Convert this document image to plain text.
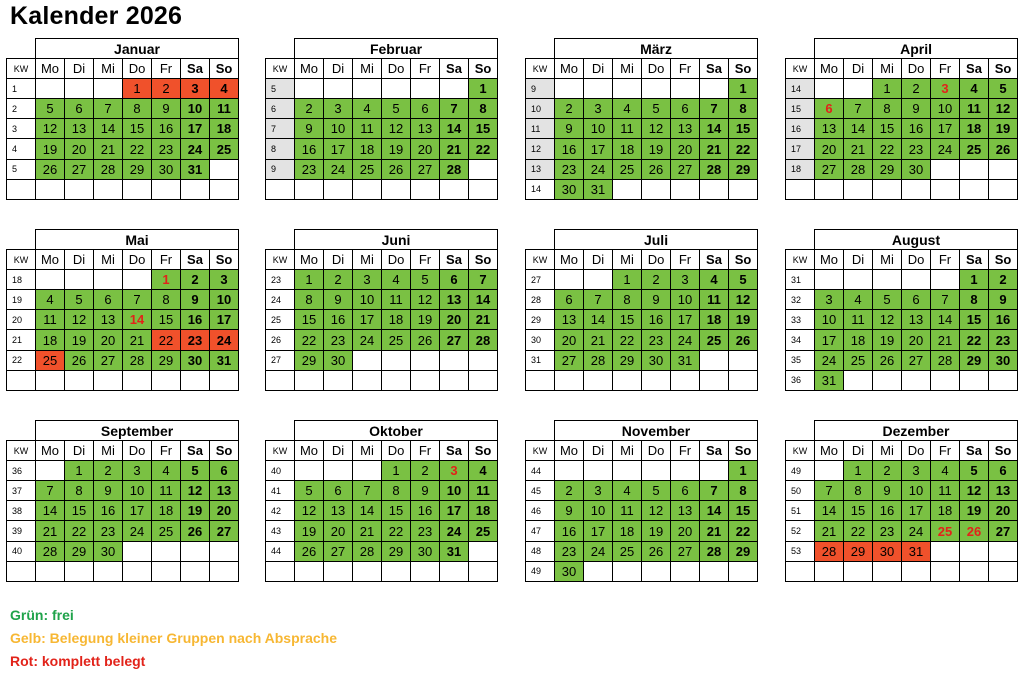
Kalender 2026
	Januar						
KW	Mo	Di	Mi	Do	Fr	Sa	So
1				1	2	3	4
2	5	6	7	8	9	10	11
3	12	13	14	15	16	17	18
4	19	20	21	22	23	24	25
5	26	27	28	29	30	31	

	Februar						
KW	Mo	Di	Mi	Do	Fr	Sa	So
5							1
6	2	3	4	5	6	7	8
7	9	10	11	12	13	14	15
8	16	17	18	19	20	21	22
9	23	24	25	26	27	28	

	März						
KW	Mo	Di	Mi	Do	Fr	Sa	So
9							1
10	2	3	4	5	6	7	8
11	9	10	11	12	13	14	15
12	16	17	18	19	20	21	22
13	23	24	25	26	27	28	29
14	30	31					
	April						
KW	Mo	Di	Mi	Do	Fr	Sa	So
14			1	2	3	4	5
15	6	7	8	9	10	11	12
16	13	14	15	16	17	18	19
17	20	21	22	23	24	25	26
18	27	28	29	30			

	Mai						
KW	Mo	Di	Mi	Do	Fr	Sa	So
18					1	2	3
19	4	5	6	7	8	9	10
20	11	12	13	14	15	16	17
21	18	19	20	21	22	23	24
22	25	26	27	28	29	30	31

	Juni						
KW	Mo	Di	Mi	Do	Fr	Sa	So
23	1	2	3	4	5	6	7
24	8	9	10	11	12	13	14
25	15	16	17	18	19	20	21
26	22	23	24	25	26	27	28
27	29	30					

	Juli						
KW	Mo	Di	Mi	Do	Fr	Sa	So
27			1	2	3	4	5
28	6	7	8	9	10	11	12
29	13	14	15	16	17	18	19
30	20	21	22	23	24	25	26
31	27	28	29	30	31		

	August						
KW	Mo	Di	Mi	Do	Fr	Sa	So
31						1	2
32	3	4	5	6	7	8	9
33	10	11	12	13	14	15	16
34	17	18	19	20	21	22	23
35	24	25	26	27	28	29	30
36	31						
	September						
KW	Mo	Di	Mi	Do	Fr	Sa	So
36		1	2	3	4	5	6
37	7	8	9	10	11	12	13
38	14	15	16	17	18	19	20
39	21	22	23	24	25	26	27
40	28	29	30				

	Oktober						
KW	Mo	Di	Mi	Do	Fr	Sa	So
40				1	2	3	4
41	5	6	7	8	9	10	11
42	12	13	14	15	16	17	18
43	19	20	21	22	23	24	25
44	26	27	28	29	30	31	

	November						
KW	Mo	Di	Mi	Do	Fr	Sa	So
44							1
45	2	3	4	5	6	7	8
46	9	10	11	12	13	14	15
47	16	17	18	19	20	21	22
48	23	24	25	26	27	28	29
49	30						
	Dezember						
KW	Mo	Di	Mi	Do	Fr	Sa	So
49		1	2	3	4	5	6
50	7	8	9	10	11	12	13
51	14	15	16	17	18	19	20
52	21	22	23	24	25	26	27
53	28	29	30	31			

Grün: frei
Gelb: Belegung kleiner Gruppen nach Absprache
Rot: komplett belegt
